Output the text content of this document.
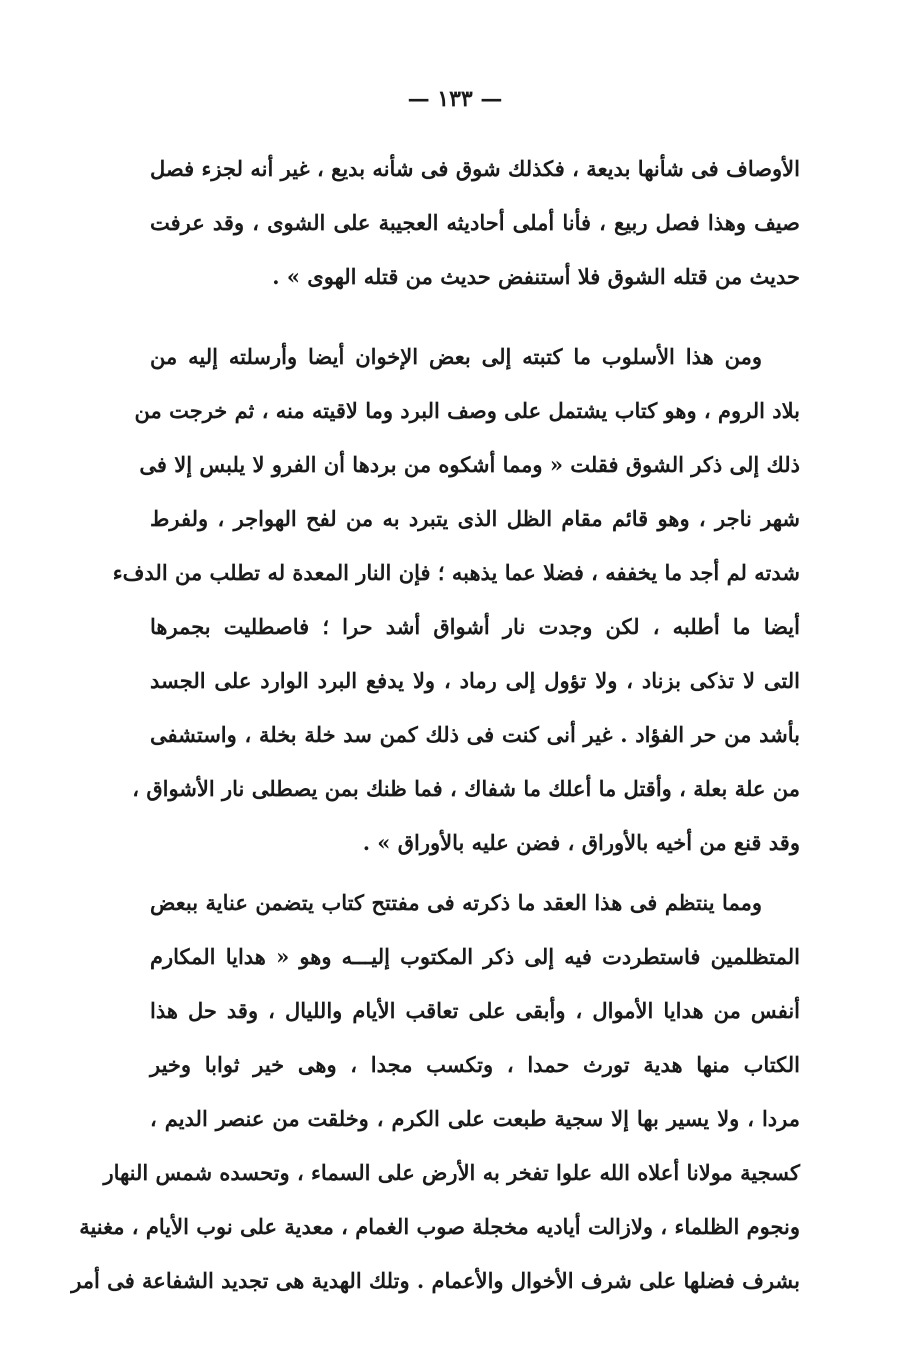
— ١٣٣ —
الأوصاف فى شأنها بديعة ، فكذلك شوق فى شأنه بديع ، غير أنه لجزء فصل
صيف وهذا فصل ربيع ، فأنا أملى أحاديثه العجيبة على الشوى ، وقد عرفت
حديث من قتله الشوق فلا أستنفض حديث من قتله الهوى » .
ومن هذا الأسلوب ما كتبته إلى بعض الإخوان أيضا وأرسلته إليه من
بلاد الروم ، وهو كتاب يشتمل على وصف البرد وما لاقيته منه ، ثم خرجت من
ذلك إلى ذكر الشوق فقلت « ومما أشكوه من بردها أن الفرو لا يلبس إلا فى
شهر ناجر ، وهو قائم مقام الظل الذى يتبرد به من لفح الهواجر ، ولفرط
شدته لم أجد ما يخففه ، فضلا عما يذهبه ؛ فإن النار المعدة له تطلب من الدفء
أيضا ما أطلبه ، لكن وجدت نار أشواق أشد حرا ؛ فاصطليت بجمرها
التى لا تذكى بزناد ، ولا تؤول إلى رماد ، ولا يدفع البرد الوارد على الجسد
بأشد من حر الفؤاد . غير أنى كنت فى ذلك كمن سد خلة بخلة ، واستشفى
من علة بعلة ، وأقتل ما أعلك ما شفاك ، فما ظنك بمن يصطلى نار الأشواق ،
وقد قنع من أخيه بالأوراق ، فضن عليه بالأوراق » .
ومما ينتظم فى هذا العقد ما ذكرته فى مفتتح كتاب يتضمن عناية ببعض
المتظلمين فاستطردت فيه إلى ذكر المكتوب إليـــه وهو « هدايا المكارم
أنفس من هدايا الأموال ، وأبقى على تعاقب الأيام والليال ، وقد حل هذا
الكتاب منها هدية تورث حمدا ، وتكسب مجدا ، وهى خير ثوابا وخير
مردا ، ولا يسير بها إلا سجية طبعت على الكرم ، وخلقت من عنصر الديم ،
كسجية مولانا أعلاه الله علوا تفخر به الأرض على السماء ، وتحسده شمس النهار
ونجوم الظلماء ، ولازالت أياديه مخجلة صوب الغمام ، معدية على نوب الأيام ، مغنية
بشرف فضلها على شرف الأخوال والأعمام . وتلك الهدية هى تجديد الشفاعة فى أمر
